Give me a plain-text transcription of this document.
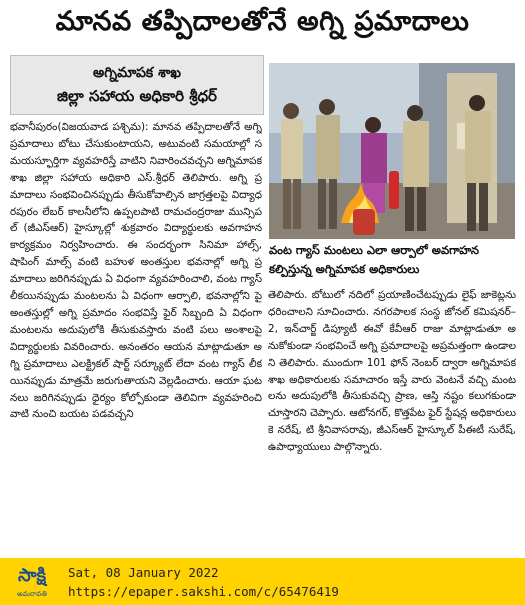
మానవ తప్పిదాలతోనే అగ్ని ప్రమాదాలు
అగ్నిమాపక శాఖ
జిల్లా సహాయ అధికారి శ్రీధర్
వంట గ్యాస్ మంటలు ఎలా ఆర్పాలో అవగాహన కల్పిస్తున్న అగ్నిమాపక అధికారులు
భవానీపురం(విజయవాడ పశ్చిమ): మానవ తప్పిదాలతోనే అగ్ని ప్రమాదాలు బోటు చేసుకుంటాయని, అటువంటి సమయాల్లో సమయస్ఫూర్తిగా వ్యవహరిస్తే వాటిని నివారించవచ్చని అగ్నిమాపక శాఖ జిల్లా సహాయ అధికారి ఎస్.శ్రీధర్ తెలిపారు. అగ్ని ప్రమాదాలు సంభవించినప్పుడు తీసుకోవాల్సిన జాగ్రత్తలపై విద్యాధరపురం లేబర్ కాలనీలోని ఉప్పలపాటి రామచంద్రరాజు మున్సిపల్ (జీఎస్ఆర్) హైస్కూల్లో శుక్రవారం విద్యార్థులకు అవగాహన కార్యక్రమం నిర్వహించారు. ఈ సందర్భంగా సినిమా హాల్స్, షాపింగ్ మాల్స్ వంటి బహుళ అంతస్తుల భవనాల్లో అగ్ని ప్రమాదాలు జరిగినప్పుడు ఏ విధంగా వ్యవహరించాలి, వంట గ్యాస్ లీకయినప్పుడు మంటలను ఏ విధంగా ఆర్పాలి, భవనాల్లోని పై అంతస్తుల్లో అగ్ని ప్రమాదం సంభవిస్తే ఫైర్ సిబ్బంది ఏ విధంగా మంటలను అదుపులోకి తీసుకువస్తారు వంటి పలు అంశాలపై విద్యార్థులకు వివరించారు. అనంతరం ఆయన మాట్లాడుతూ అగ్ని ప్రమాదాలు ఎలక్ట్రికల్ షార్ట్ సర్క్యూట్ లేదా వంట గ్యాస్ లీకయినప్పుడు మాత్రమే జరుగుతాయని వెల్లడించారు. ఆయా ఘటనలు జరిగినప్పుడు ధైర్యం కోల్పోకుండా తెలివిగా వ్యవహరించి వాటి నుంచి బయట పడవచ్చని
తెలిపారు. బోటులో నదిలో ప్రయాణించేటప్పుడు లైఫ్ జాకెట్లను ధరించాలని సూచించారు. నగరపాలక సంస్థ జోనల్ కమిషనర్–2, ఇన్‌చార్జ్ డిప్యూటీ ఈవో కేవీఆర్ రాజు మాట్లాడుతూ అనుకోకుండా సంభవించే అగ్ని ప్రమాదాలపై అప్రమత్తంగా ఉండాలని తెలిపారు. ముందుగా 101 ఫోన్ నెంబర్ ద్వారా అగ్నిమాపక శాఖ అధికారులకు సమాచారం ఇస్తే వారు వెంటనే వచ్చి మంటలను అదుపులోకి తీసుకువచ్చి ప్రాణ, ఆస్తి నష్టం కలుగకుండా చూస్తారని చెప్పారు. ఆటోనగర్, కొత్తపేట ఫైర్ స్టేషన్ల అధికారులు కె నరేష్, టి శ్రీనివాసరావు, జీఎస్ఆర్ హైస్కూల్ పీఈటీ సురేష్, ఉపాధ్యాయులు పాల్గొన్నారు.
సాక్షి
అమరావతి
Sat, 08 January 2022
https://epaper.sakshi.com/c/65476419
